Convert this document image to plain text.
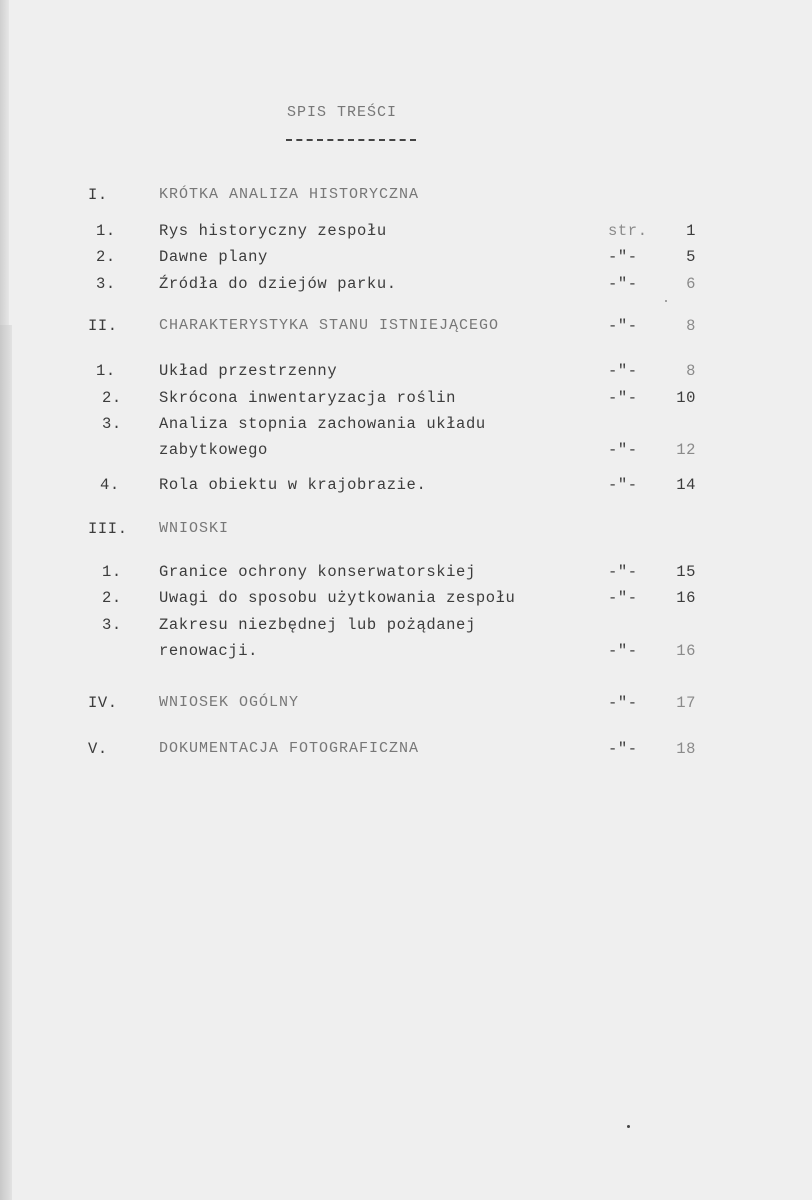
SPIS TREŚCI
I.	KRÓTKA ANALIZA HISTORYCZNA
1.	Rys historyczny zespołu	str.	1
2.	Dawne plany	-"-	5
3.	Źródła do dziejów parku.	-"-	6
II.	CHARAKTERYSTYKA STANU ISTNIEJĄCEGO	-"-	8
1.	Układ przestrzenny	-"-	8
2. Skrócona inwentaryzacja roślin	-"-	10
3. Analiza stopnia zachowania układu
zabytkowego	-"-	12
4.	Rola obiektu w krajobrazie.	-"-	14
III. WNIOSKI
1. Granice ochrony konserwatorskiej	-"-	15
2. Uwagi do sposobu użytkowania zespołu	-"-	16
3. Zakresu niezbędnej lub pożądanej
renowacji.	-"-	16
IV.	WNIOSEK OGÓLNY	-"-	17
V.	DOKUMENTACJA FOTOGRAFICZNA	-"-	18
